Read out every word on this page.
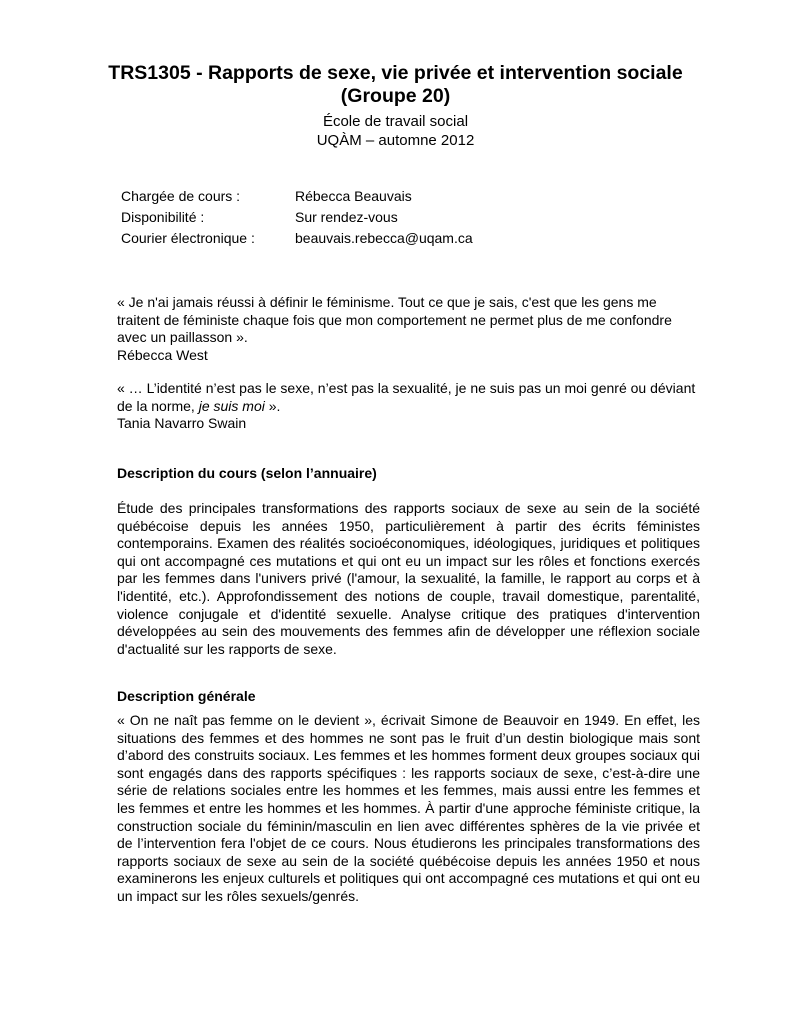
TRS1305 - Rapports de sexe, vie privée et intervention sociale
(Groupe 20)

École de travail social

UQÀM – automne 2012

Chargée de cours :	Rébecca Beauvais
Disponibilité :	Sur rendez-vous
Courier électronique :	beauvais.rebecca@uqam.ca

« Je n'ai jamais réussi à définir le féminisme. Tout ce que je sais, c'est que les gens me traitent de féministe chaque fois que mon comportement ne permet plus de me confondre avec un paillasson ».

Rébecca West

« … L’identité n’est pas le sexe, n’est pas la sexualité, je ne suis pas un moi genré ou déviant de la norme, je suis moi ».

Tania Navarro Swain

Description du cours (selon l’annuaire)

Étude des principales transformations des rapports sociaux de sexe au sein de la société québécoise depuis les années 1950, particulièrement à partir des écrits féministes contemporains. Examen des réalités socioéconomiques, idéologiques, juridiques et politiques qui ont accompagné ces mutations et qui ont eu un impact sur les rôles et fonctions exercés par les femmes dans l'univers privé (l'amour, la sexualité, la famille, le rapport au corps et à l'identité, etc.). Approfondissement des notions de couple, travail domestique, parentalité, violence conjugale et d'identité sexuelle. Analyse critique des pratiques d'intervention développées au sein des mouvements des femmes afin de développer une réflexion sociale d'actualité sur les rapports de sexe.

Description générale

« On ne naît pas femme on le devient », écrivait Simone de Beauvoir en 1949. En effet, les situations des femmes et des hommes ne sont pas le fruit d’un destin biologique mais sont d’abord des construits sociaux. Les femmes et les hommes forment deux groupes sociaux qui sont engagés dans des rapports spécifiques : les rapports sociaux de sexe, c’est-à-dire une série de relations sociales entre les hommes et les femmes, mais aussi entre les femmes et les femmes et entre les hommes et les hommes. À partir d'une approche féministe critique, la construction sociale du féminin/masculin en lien avec différentes sphères de la vie privée et de l’intervention fera l'objet de ce cours. Nous étudierons les principales transformations des rapports sociaux de sexe au sein de la société québécoise depuis les années 1950 et nous examinerons les enjeux culturels et politiques qui ont accompagné ces mutations et qui ont eu un impact sur les rôles sexuels/genrés.
